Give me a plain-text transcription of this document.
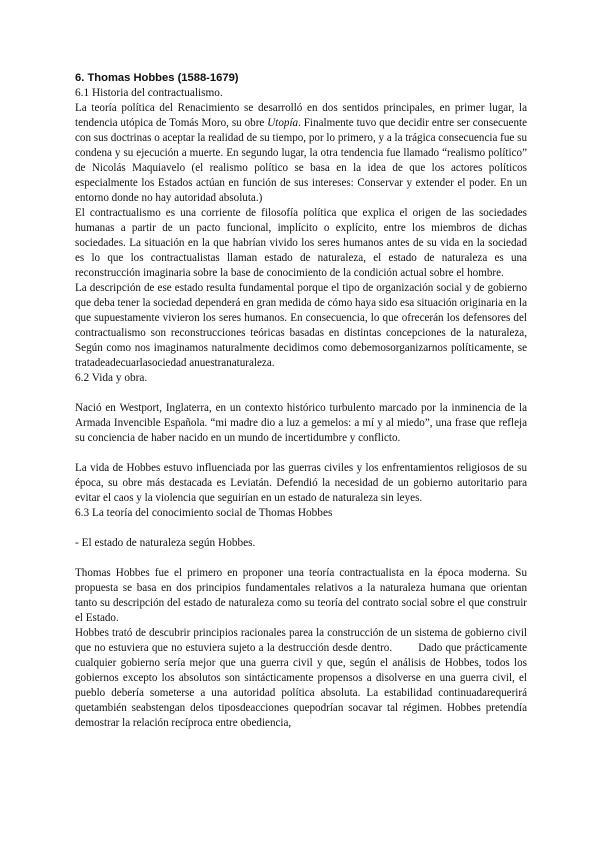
6. Thomas Hobbes (1588-1679)

6.1 Historia del contractualismo.

La teoría política del Renacimiento se desarrolló en dos sentidos principales, en primer lugar, la tendencia utópica de Tomás Moro, su obre Utopía. Finalmente tuvo que decidir entre ser consecuente con sus doctrinas o aceptar la realidad de su tiempo, por lo primero, y a la trágica consecuencia fue su condena y su ejecución a muerte. En segundo lugar, la otra tendencia fue llamado “realismo político” de Nicolás Maquiavelo (el realismo político se basa en la idea de que los actores políticos especialmente los Estados actúan en función de sus intereses: Conservar y extender el poder. En un entorno donde no hay autoridad absoluta.)

El contractualismo es una corriente de filosofía política que explica el origen de las sociedades humanas a partir de un pacto funcional, implícito o explícito, entre los miembros de dichas sociedades. La situación en la que habrían vivido los seres humanos antes de su vida en la sociedad es lo que los contractualistas llaman estado de naturaleza, el estado de naturaleza es una reconstrucción imaginaria sobre la base de conocimiento de la condición actual sobre el hombre.

La descripción de ese estado resulta fundamental porque el tipo de organización social y de gobierno que deba tener la sociedad dependerá en gran medida de cómo haya sido esa situación originaria en la que supuestamente vivieron los seres humanos. En consecuencia, lo que ofrecerán los defensores del contractualismo son reconstrucciones teóricas basadas en distintas concepciones de la naturaleza, Según como nos imaginamos naturalmente decidimos como debemosorganizarnos políticamente, se tratadeadecuarlasociedad anuestranaturaleza.

6.2 Vida y obra.

Nació en Westport, Inglaterra, en un contexto histórico turbulento marcado por la inminencia de la Armada Invencible Española. “mi madre dio a luz a gemelos: a mí y al miedo”, una frase que refleja su conciencia de haber nacido en un mundo de incertidumbre y conflicto.

La vida de Hobbes estuvo influenciada por las guerras civiles y los enfrentamientos religiosos de su época, su obre más destacada es Leviatán. Defendió la necesidad de un gobierno autoritario para evitar el caos y la violencia que seguirían en un estado de naturaleza sin leyes.

6.3 La teoría del conocimiento social de Thomas Hobbes

- El estado de naturaleza según Hobbes.

Thomas Hobbes fue el primero en proponer una teoría contractualista en la época moderna. Su propuesta se basa en dos principios fundamentales relativos a la naturaleza humana que orientan tanto su descripción del estado de naturaleza como su teoría del contrato social sobre el que construir el Estado.

Hobbes trató de descubrir principios racionales parea la construcción de un sistema de gobierno civil que no estuviera que no estuviera sujeto a la destrucción desde dentro. Dado que prácticamente cualquier gobierno sería mejor que una guerra civil y que, según el análisis de Hobbes, todos los gobiernos excepto los absolutos son sintácticamente propensos a disolverse en una guerra civil, el pueblo debería someterse a una autoridad política absoluta. La estabilidad continuadarequerirá quetambién seabstengan delos tiposdeacciones quepodrían socavar tal régimen. Hobbes pretendía demostrar la relación recíproca entre obediencia,
